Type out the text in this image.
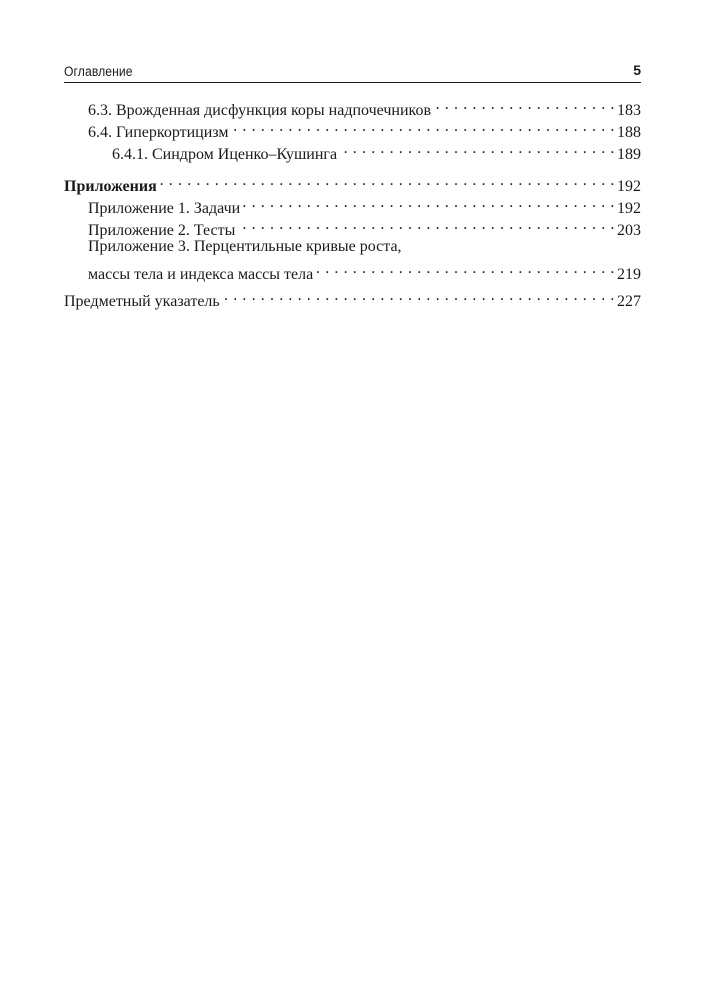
Оглавление	5
6.3. Врожденная дисфункция коры надпочечников . . .	183
6.4. Гиперкортицизм . . .	188
6.4.1. Синдром Иценко–Кушинга . . .	189
Приложения . . .	192
Приложение 1. Задачи . . .	192
Приложение 2. Тесты . . .	203
Приложение 3. Перцентильные кривые роста,
массы тела и индекса массы тела . . .	219
Предметный указатель . . .	227
